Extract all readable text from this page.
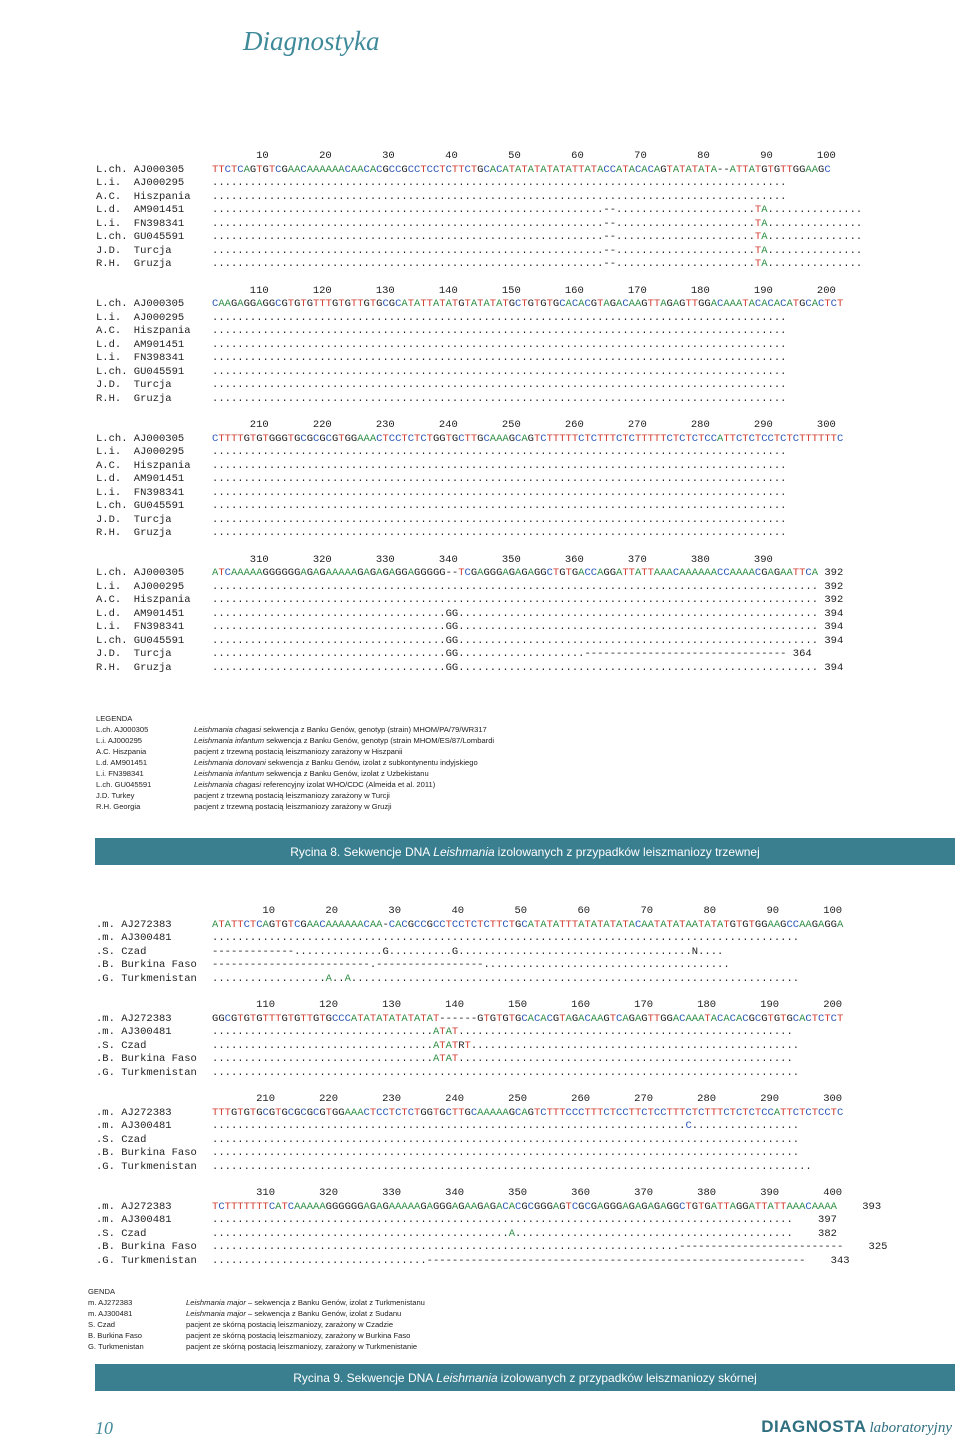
Diagnostyka
10        20        30        40        50        60        70        80        90       100
L.ch. AJ000305 TTCTCAGTGTCGAACAAAAAACAACACGCCGCCTCCTCTTCTGCACATATATATATATTATACCATACACAGTATATATA--ATTATGTGTTGGAAGC
L.i.  AJ000295 ...........................................................................................
A.C.  Hiszpania ...........................................................................................
L.d.  AM901451 ..............................................................--......................TA...............
L.i.  FN398341 ..............................................................--......................TA...............
L.ch. GU045591 ..............................................................--......................TA...............
J.D.  Turcja   ..............................................................--......................TA...............
R.H.  Gruzja   ..............................................................--......................TA...............
110       120       130       140       150       160       170       180       190       200
L.ch. AJ000305 CAAGAGGAGGCGTGTGTTTGTGTTGTGCGCATATTATATGTATATATGCTGTGTGCACACGTAGACAAGTTAGAGTTGGACAAATACACACATGCACTCT
L.i.  AJ000295 ...........................................................................................
A.C.  Hiszpania ...........................................................................................
L.d.  AM901451 ...........................................................................................
L.i.  FN398341 ...........................................................................................
L.ch. GU045591 ...........................................................................................
J.D.  Turcja   ...........................................................................................
R.H.  Gruzja   ...........................................................................................
210       220       230       240       250       260       270       280       290       300
L.ch. AJ000305 CTTTTGTGTGGGTGCGCGCGTGGAAACTCCTCTCTGGTGCTTGCAAAGCAGTCTTTTTCTCTTTCTCTTTTTCTCTCTCCATTCTCTCCTCTCTTTTTTC
L.i.  AJ000295 ...........................................................................................
A.C.  Hiszpania ...........................................................................................
L.d.  AM901451 ...........................................................................................
L.i.  FN398341 ...........................................................................................
L.ch. GU045591 ...........................................................................................
J.D.  Turcja   ...........................................................................................
R.H.  Gruzja   ...........................................................................................
310       320       330       340       350       360       370       380       390
L.ch. AJ000305 ATCAAAAAGGGGGGAGAGAAAAAGAGAGAGGAGGGGG--TCGAGGGAGAGAGGCTGTGACCAGGATTATTAAACAAAAAACCAAAACGAGAATTCA 392
L.i.  AJ000295 ................................................................................................ 392
A.C.  Hiszpania ................................................................................................ 392
L.d.  AM901451 .....................................GG......................................................... 394
L.i.  FN398341 .....................................GG......................................................... 394
L.ch. GU045591 .....................................GG......................................................... 394
J.D.  Turcja   .....................................GG....................-------------------------------- 364
R.H.  Gruzja   .....................................GG......................................................... 394
LEGENDA
L.ch. AJ000305	Leishmania chagasi sekwencja z Banku Genów, genotyp (strain) MHOM/PA/79/WR317
L.i. AJ000295	Leishmania infantum sekwencja z Banku Genów, genotyp (strain MHOM/ES/87/Lombardi
A.C. Hiszpania	pacjent z trzewną postacią leiszmaniozy zarażony w Hiszpanii
L.d. AM901451	Leishmania donovani sekwencja z Banku Genów, izolat z subkontynentu indyjskiego
L.i. FN398341	Leishmania infantum sekwencja z Banku Genów, izolat z Uzbekistanu
L.ch. GU045591	Leishmania chagasi referencyjny izolat WHO/CDC (Almeida et al. 2011)
J.D. Turkey	pacjent z trzewną postacią leiszmaniozy zarażony w Turcji
R.H. Georgia	pacjent z trzewną postacią leiszmaniozy zarażony w Gruzji
Rycina 8. Sekwencje DNA Leishmania izolowanych z przypadków leiszmaniozy trzewnej
10        20        30        40        50        60        70        80        90       100
.m. AJ272383   ATATTCTCAGTGTCGAACAAAAAACAA-CACGCCGCCTCCTCTCTTCTGCATATATTTATATATATACAATATATAATATATGTGTGGAAGCCAAGAGGA
.m. AJ300481   .............................................................................................
.S. Czad       -------------..............G..........G.....................................N....
.B. Burkina Faso -------------------------.-----------------.......................................
.G. Turkmenistan ..................A..A.......................................................................
110       120       130       140       150       160       170       180       190       200
.m. AJ272383   GGCGTGTGTTTGTGTTGTGCCCATATATATATATAT------GTGTGTGCACACGTAGACAAGTCAGAGTTGGACAAATACACACGCGTGTGCACTCTCT
.m. AJ300481   ...................................ATAT.....................................................
.S. Czad       ...................................ATATRT....................................................
.B. Burkina Faso ...................................ATAT.....................................................
.G. Turkmenistan .............................................................................................
210       220       230       240       250       260       270       280       290       300
.m. AJ272383   TTTGTGTGCGTGCGCGCGTGGAAACTCCTCTCTGGTGCTTGCAAAAAGCAGTCTTTCCCTTTCTCCTTCTCCTTTCTCTTTCTCTCTCCATTCTCTCCTC
.m. AJ300481   ...........................................................................C.................
.S. Czad       .............................................................................................
.B. Burkina Faso .............................................................................................
.G. Turkmenistan ...............................................................................................
310       320       330       340       350       360       370       380       390       400
.m. AJ272383   TCTTTTTTTCATCAAAAAGGGGGGAGAGAAAAAGAGGGAGAAGAGACACGCGGGAGTCGCGAGGGAGAGAGAGGCTGTGATTAGGATTATTAAACAAAA 393
.m. AJ300481   ............................................................................................ 397
.S. Czad       ...............................................A............................................ 382
.B. Burkina Faso ..........................................................................-------------------------- 325
.G. Turkmenistan ..................................------------------------------------------------------------ 343
GENDA
m. AJ272383	Leishmania major – sekwencja z Banku Genów, izolat z Turkmenistanu
m. AJ300481	Leishmania major – sekwencja z Banku Genów, izolat z Sudanu
S. Czad	pacjent ze skórną postacią leiszmaniozy, zarażony w Czadzie
B. Burkina Faso	pacjent ze skórną postacią leiszmaniozy, zarażony w Burkina Faso
G. Turkmenistan	pacjent ze skórną postacią leiszmaniozy, zarażony w Turkmenistanie
Rycina 9. Sekwencje DNA Leishmania izolowanych z przypadków leiszmaniozy skórnej
10	DIAGNOSTA laboratoryjny
